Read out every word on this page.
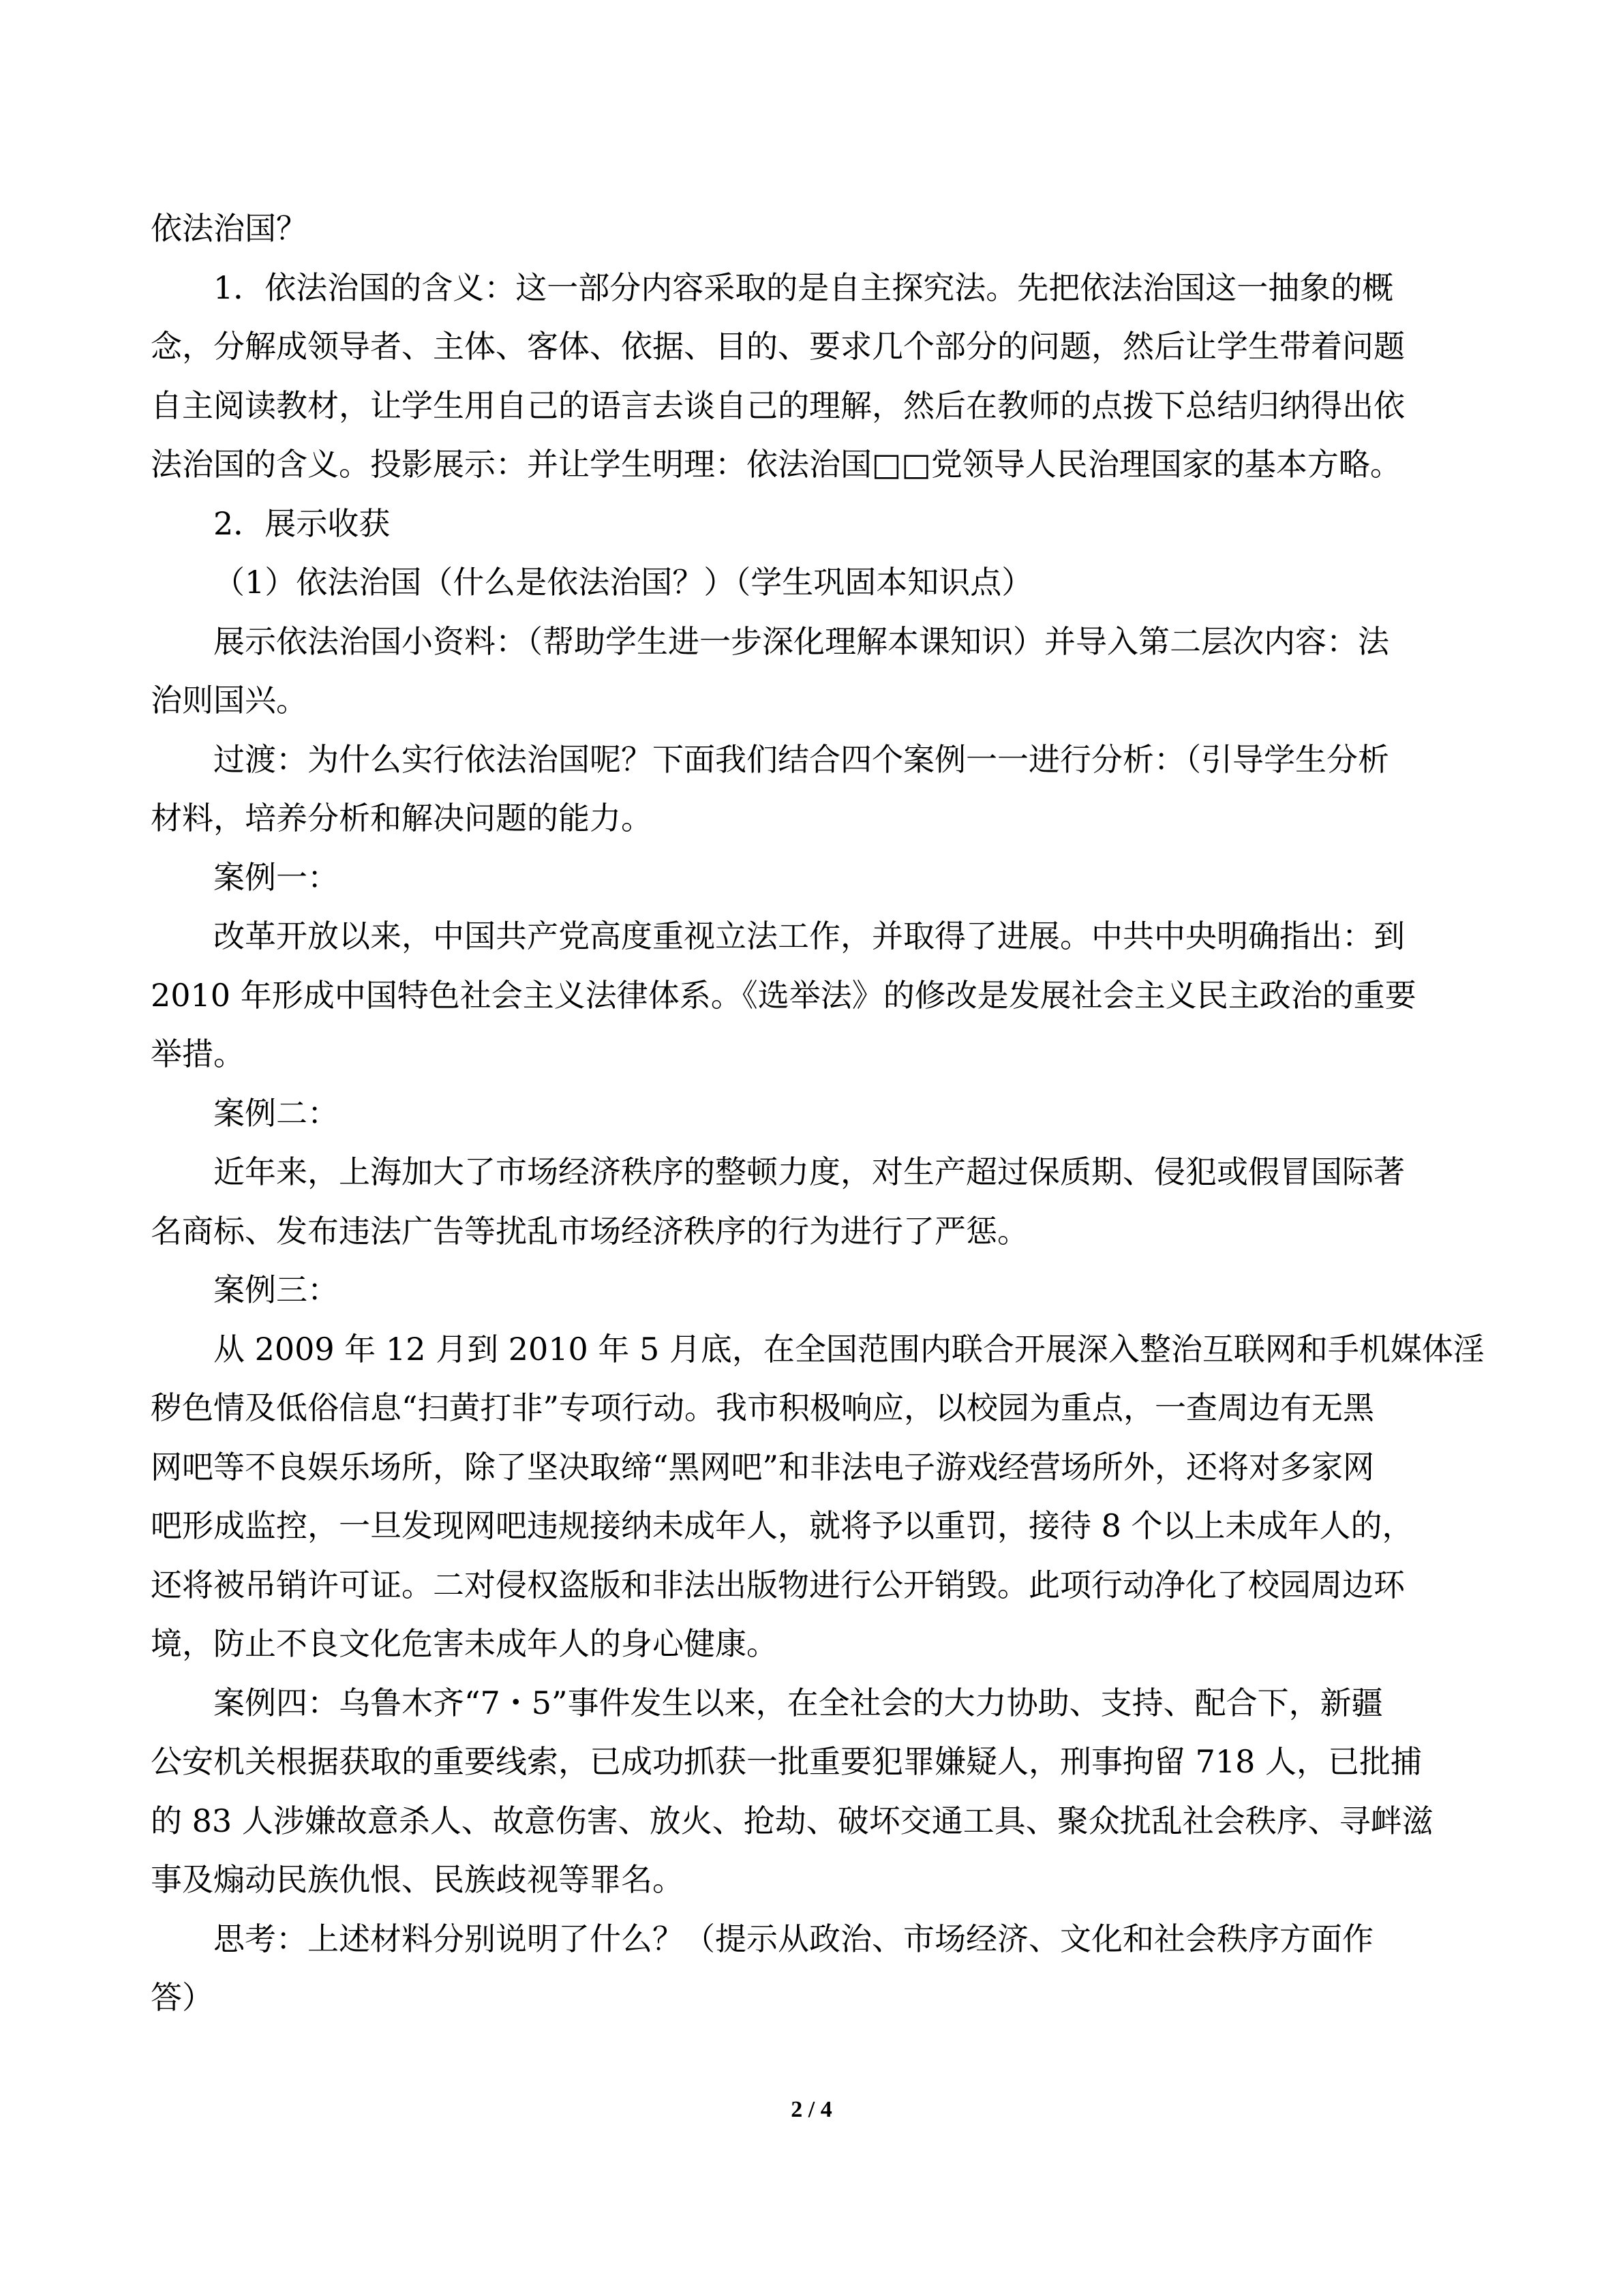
依法治国？

1．依法治国的含义：这一部分内容采取的是自主探究法。先把依法治国这一抽象的概

念，分解成领导者、主体、客体、依据、目的、要求几个部分的问题，然后让学生带着问题

自主阅读教材，让学生用自己的语言去谈自己的理解，然后在教师的点拨下总结归纳得出依

法治国的含义。投影展示：并让学生明理：依法治国□□党领导人民治理国家的基本方略。

2．展示收获

（1）依法治国（什么是依法治国？）（学生巩固本知识点）

展示依法治国小资料：（帮助学生进一步深化理解本课知识）并导入第二层次内容：法

治则国兴。

过渡：为什么实行依法治国呢？下面我们结合四个案例一一进行分析：（引导学生分析

材料，培养分析和解决问题的能力。

案例一：

改革开放以来，中国共产党高度重视立法工作，并取得了进展。中共中央明确指出：到

2010 年形成中国特色社会主义法律体系。《选举法》的修改是发展社会主义民主政治的重要

举措。

案例二：

近年来，上海加大了市场经济秩序的整顿力度，对生产超过保质期、侵犯或假冒国际著

名商标、发布违法广告等扰乱市场经济秩序的行为进行了严惩。

案例三：

从 2009 年 12 月到 2010 年 5 月底，在全国范围内联合开展深入整治互联网和手机媒体淫

秽色情及低俗信息“扫黄打非”专项行动。我市积极响应，以校园为重点，一查周边有无黑

网吧等不良娱乐场所，除了坚决取缔“黑网吧”和非法电子游戏经营场所外，还将对多家网

吧形成监控，一旦发现网吧违规接纳未成年人，就将予以重罚，接待 8 个以上未成年人的，

还将被吊销许可证。二对侵权盗版和非法出版物进行公开销毁。此项行动净化了校园周边环

境，防止不良文化危害未成年人的身心健康。

案例四：乌鲁木齐“7・5”事件发生以来，在全社会的大力协助、支持、配合下，新疆

公安机关根据获取的重要线索，已成功抓获一批重要犯罪嫌疑人，刑事拘留 718 人，已批捕

的 83 人涉嫌故意杀人、故意伤害、放火、抢劫、破坏交通工具、聚众扰乱社会秩序、寻衅滋

事及煽动民族仇恨、民族歧视等罪名。

思考：上述材料分别说明了什么？（提示从政治、市场经济、文化和社会秩序方面作

答）

2 / 4
